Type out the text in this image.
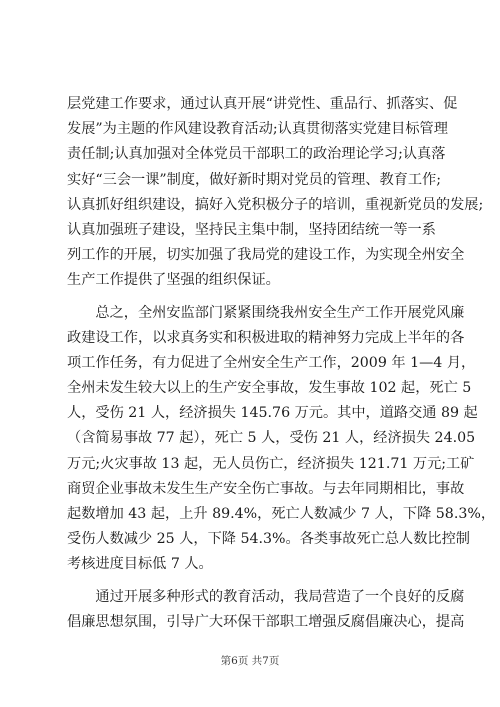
层党建工作要求，通过认真开展“讲党性、重品行、抓落实、促
发展”为主题的作风建设教育活动;认真贯彻落实党建目标管理
责任制;认真加强对全体党员干部职工的政治理论学习;认真落
实好“三会一课”制度，做好新时期对党员的管理、教育工作;
认真抓好组织建设，搞好入党积极分子的培训，重视新党员的发展;
认真加强班子建设，坚持民主集中制，坚持团结统一等一系
列工作的开展，切实加强了我局党的建设工作，为实现全州安全
生产工作提供了坚强的组织保证。
　　总之，全州安监部门紧紧围绕我州安全生产工作开展党风廉
政建设工作，以求真务实和积极进取的精神努力完成上半年的各
项工作任务，有力促进了全州安全生产工作，2009 年 1—4 月，
全州未发生较大以上的生产安全事故，发生事故 102 起，死亡 5
人，受伤 21 人，经济损失 145.76 万元。其中，道路交通 89 起
（含简易事故 77 起），死亡 5 人，受伤 21 人，经济损失 24.05
万元;火灾事故 13 起，无人员伤亡，经济损失 121.71 万元;工矿
商贸企业事故未发生生产安全伤亡事故。与去年同期相比，事故
起数增加 43 起，上升 89.4%，死亡人数减少 7 人，下降 58.3%，
受伤人数减少 25 人，下降 54.3%。各类事故死亡总人数比控制
考核进度目标低 7 人。
　　通过开展多种形式的教育活动，我局营造了一个良好的反腐
倡廉思想氛围，引导广大环保干部职工增强反腐倡廉决心，提高
第6页 共7页
